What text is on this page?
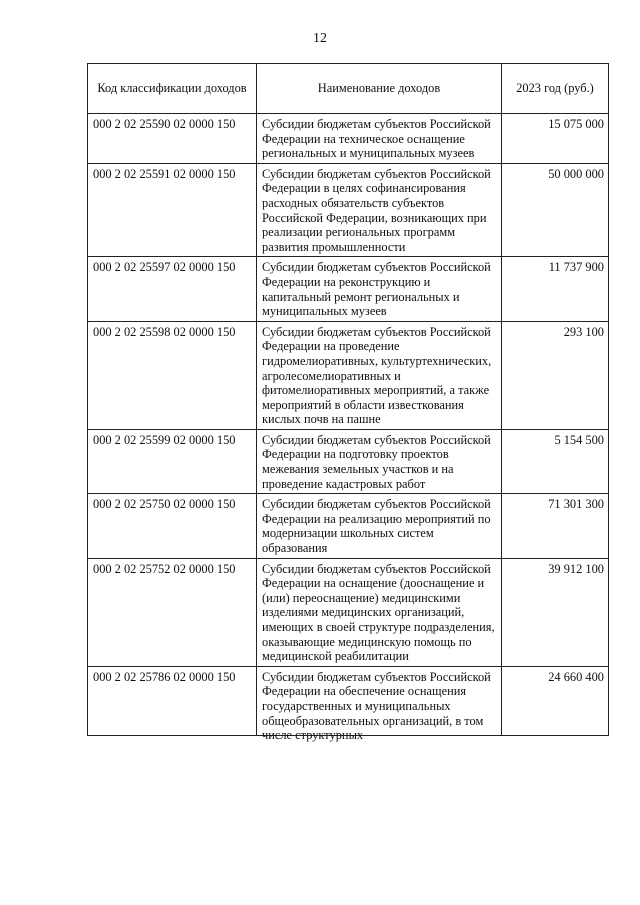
12
Код классификации доходов	Наименование доходов	2023 год (руб.)
000 2 02 25590 02 0000 150	Субсидии бюджетам субъектов Российской Федерации на техническое оснащение региональных и муниципальных музеев	15 075 000
000 2 02 25591 02 0000 150	Субсидии бюджетам субъектов Российской Федерации в целях софинансирования расходных обязательств субъектов Российской Федерации, возникающих при реализации региональных программ развития промышленности	50 000 000
000 2 02 25597 02 0000 150	Субсидии бюджетам субъектов Российской Федерации на реконструкцию и капитальный ремонт региональных и муниципальных музеев	11 737 900
000 2 02 25598 02 0000 150	Субсидии бюджетам субъектов Российской Федерации на проведение гидромелиоративных, культуртехнических, агролесомелиоративных и фитомелиоративных мероприятий, а также мероприятий в области известкования кислых почв на пашне	293 100
000 2 02 25599 02 0000 150	Субсидии бюджетам субъектов Российской Федерации на подготовку проектов межевания земельных участков и на проведение кадастровых работ	5 154 500
000 2 02 25750 02 0000 150	Субсидии бюджетам субъектов Российской Федерации на реализацию мероприятий по модернизации школьных систем образования	71 301 300
000 2 02 25752 02 0000 150	Субсидии бюджетам субъектов Российской Федерации на оснащение (дооснащение и (или) переоснащение) медицинскими изделиями медицинских организаций, имеющих в своей структуре подразделения, оказывающие медицинскую помощь по медицинской реабилитации	39 912 100
000 2 02 25786 02 0000 150	Субсидии бюджетам субъектов Российской Федерации на обеспечение оснащения государственных и муниципальных общеобразовательных организаций, в том числе структурных	24 660 400
